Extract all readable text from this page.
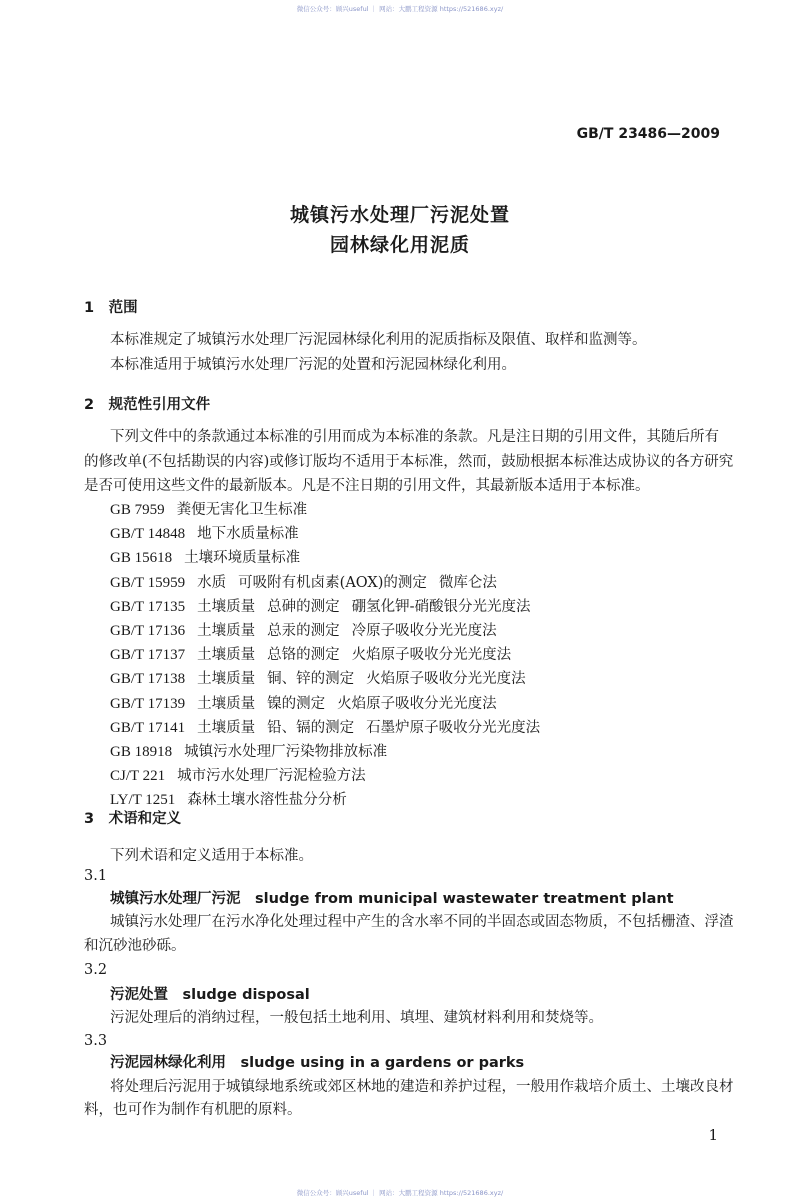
微信公众号：顾兴useful ｜ 网站：大鹏工程资源 https://521686.xyz/
GB/T 23486—2009
城镇污水处理厂污泥处置
园林绿化用泥质
1　范围
本标准规定了城镇污水处理厂污泥园林绿化利用的泥质指标及限值、取样和监测等。
本标准适用于城镇污水处理厂污泥的处置和污泥园林绿化利用。
2　规范性引用文件
下列文件中的条款通过本标准的引用而成为本标准的条款。凡是注日期的引用文件，其随后所有
的修改单(不包括勘误的内容)或修订版均不适用于本标准，然而，鼓励根据本标准达成协议的各方研究
是否可使用这些文件的最新版本。凡是不注日期的引用文件，其最新版本适用于本标准。
GB 7959 粪便无害化卫生标准
GB/T 14848 地下水质量标准
GB 15618 土壤环境质量标准
GB/T 15959 水质 可吸附有机卤素(AOX)的测定 微库仑法
GB/T 17135 土壤质量 总砷的测定 硼氢化钾-硝酸银分光光度法
GB/T 17136 土壤质量 总汞的测定 冷原子吸收分光光度法
GB/T 17137 土壤质量 总铬的测定 火焰原子吸收分光光度法
GB/T 17138 土壤质量 铜、锌的测定 火焰原子吸收分光光度法
GB/T 17139 土壤质量 镍的测定 火焰原子吸收分光光度法
GB/T 17141 土壤质量 铅、镉的测定 石墨炉原子吸收分光光度法
GB 18918 城镇污水处理厂污染物排放标准
CJ/T 221 城市污水处理厂污泥检验方法
LY/T 1251 森林土壤水溶性盐分分析
3　术语和定义
下列术语和定义适用于本标准。
3.1
城镇污水处理厂污泥  sludge from municipal wastewater treatment plant
城镇污水处理厂在污水净化处理过程中产生的含水率不同的半固态或固态物质，不包括栅渣、浮渣
和沉砂池砂砾。
3.2
污泥处置  sludge disposal
污泥处理后的消纳过程，一般包括土地利用、填埋、建筑材料利用和焚烧等。
3.3
污泥园林绿化利用  sludge using in a gardens or parks
将处理后污泥用于城镇绿地系统或郊区林地的建造和养护过程，一般用作栽培介质土、土壤改良材
料，也可作为制作有机肥的原料。
1
微信公众号：顾兴useful ｜ 网站：大鹏工程资源 https://521686.xyz/
